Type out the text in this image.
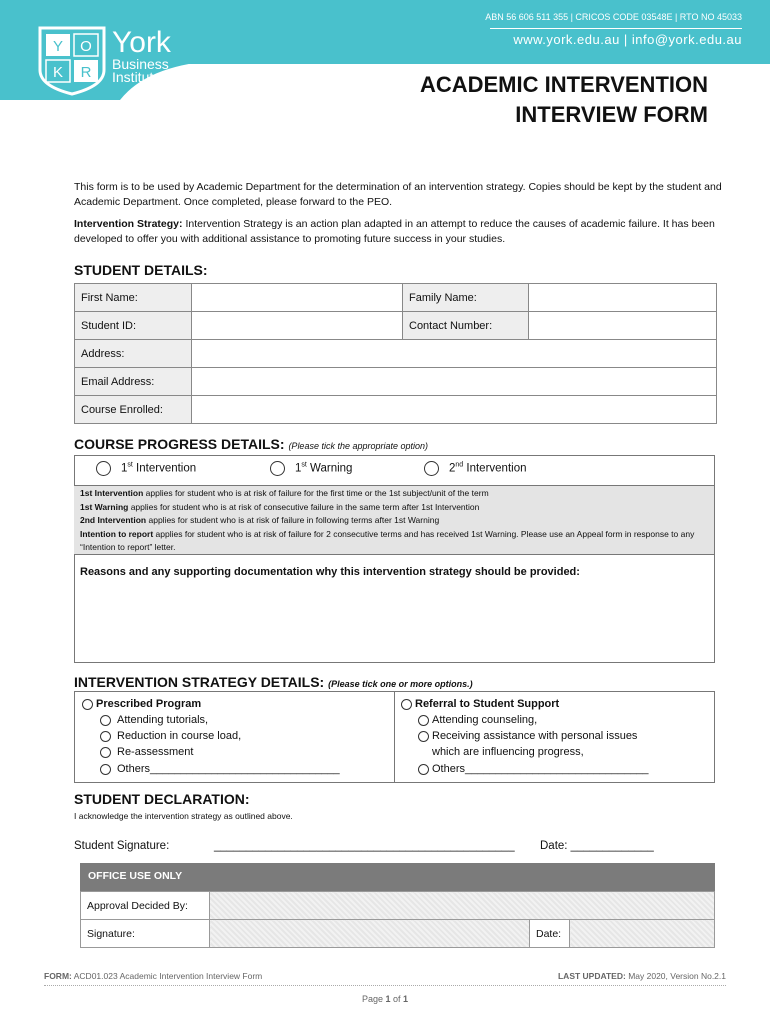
Y O
K R
York
Business
Institute
ABN 56 606 511 355 | CRICOS CODE 03548E | RTO NO 45033
www.york.edu.au | info@york.edu.au
ACADEMIC INTERVENTION
INTERVIEW FORM
This form is to be used by Academic Department for the determination of an intervention strategy. Copies should be kept by the student and Academic Department. Once completed, please forward to the PEO.
Intervention Strategy: Intervention Strategy is an action plan adapted in an attempt to reduce the causes of academic failure. It has been developed to offer you with additional assistance to promoting future success in your studies.
STUDENT DETAILS:
First Name:		Family Name:	
Student ID:		Contact Number:	
Address:			
Email Address:			
Course Enrolled:			
COURSE PROGRESS DETAILS: (Please tick the appropriate option)
1st Intervention	1st Warning	2nd Intervention
1st Intervention applies for student who is at risk of failure for the first time or the 1st subject/unit of the term
1st Warning applies for student who is at risk of consecutive failure in the same term after 1st Intervention
2nd Intervention applies for student who is at risk of failure in following terms after 1st Warning
Intention to report applies for student who is at risk of failure for 2 consecutive terms and has received 1st Warning. Please use an Appeal form in response to any “Intention to report” letter.
Reasons and any supporting documentation why this intervention strategy should be provided:
INTERVENTION STRATEGY DETAILS: (Please tick one or more options.)
Prescribed Program
Attending tutorials,
Reduction in course load,
Re-assessment
Others_______________________________
Referral to Student Support
Attending counseling,
Receiving assistance with personal issues
which are influencing progress,
Others______________________________
STUDENT DECLARATION:
I acknowledge the intervention strategy as outlined above.
Student Signature:	_______________________________________________ Date: _____________
OFFICE USE ONLY
Approval Decided By:			
Signature:		Date:	
FORM: ACD01.023 Academic Intervention Interview Form	LAST UPDATED: May 2020, Version No.2.1
Page 1 of 1
